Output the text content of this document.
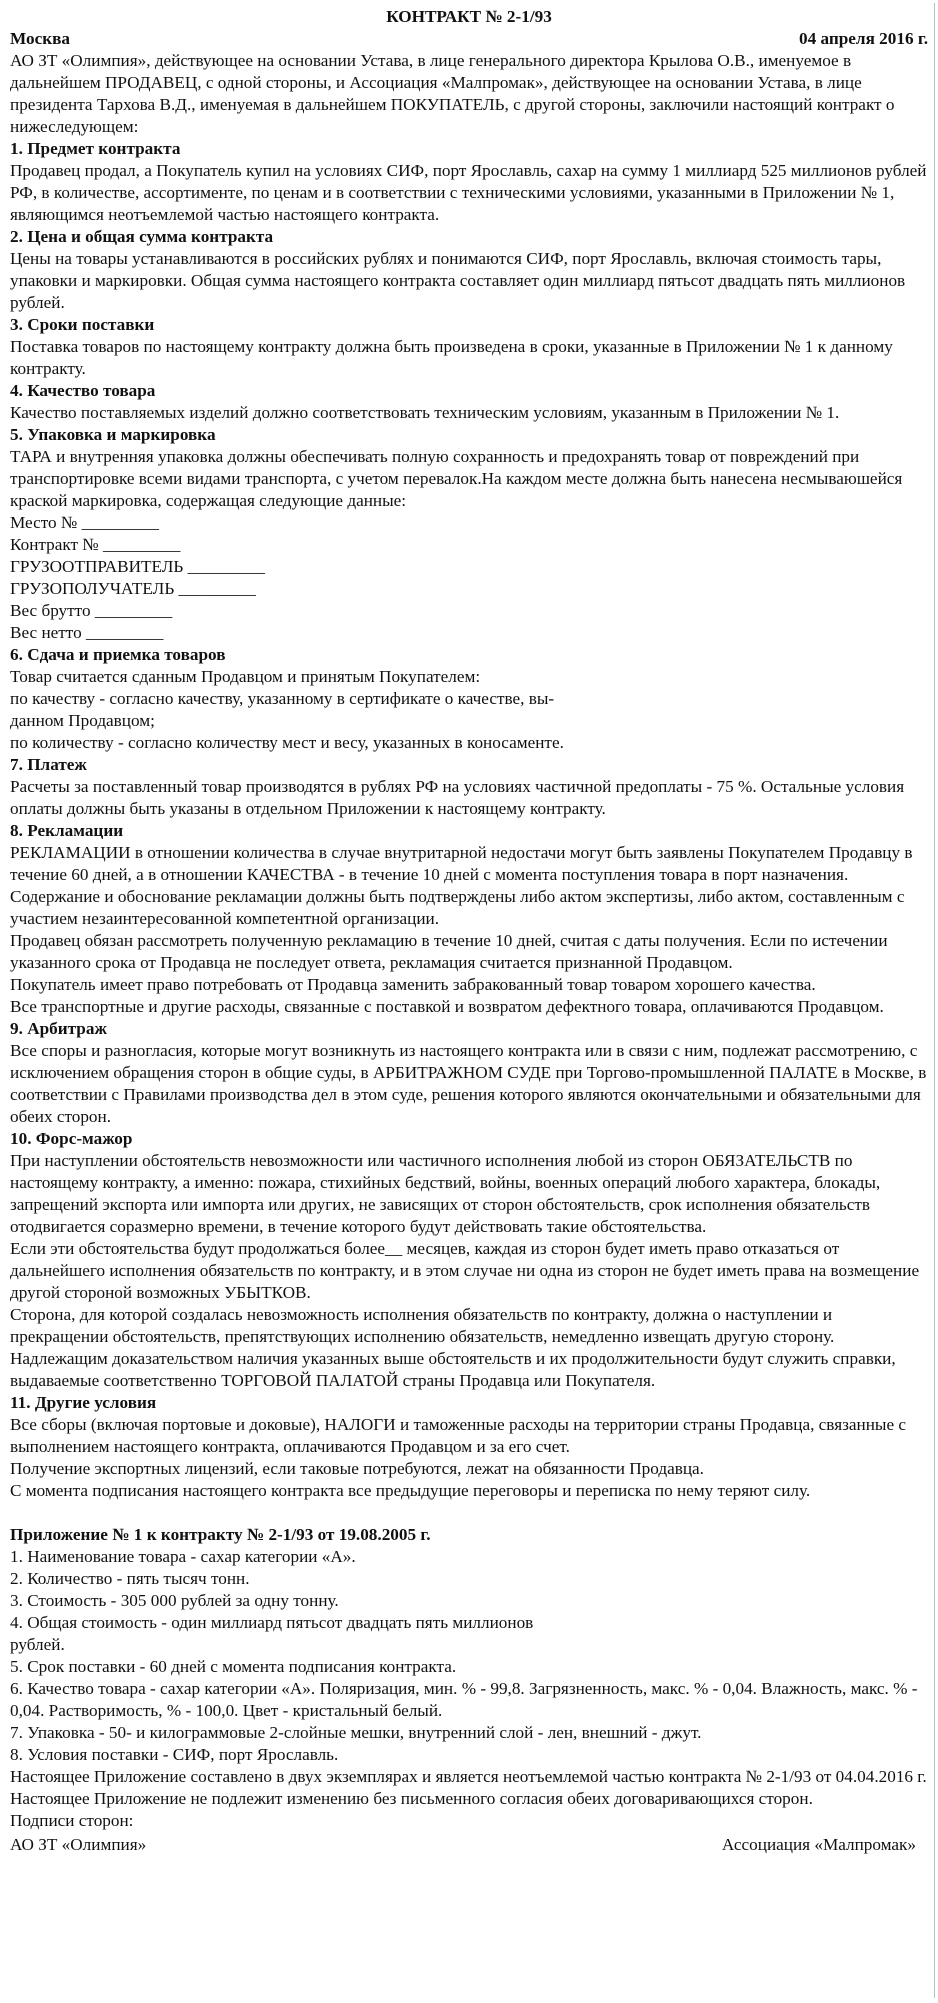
КОНТРАКТ № 2-1/93

Москва	04 апреля 2016 г.

АО ЗТ «Олимпия», действующее на основании Устава, в лице генерального директора Крылова О.В., именуемое в дальнейшем ПРОДАВЕЦ, с одной стороны, и Ассоциация «Малпромак», действующее на основании Устава, в лице президента Тархова В.Д., именуемая в дальнейшем ПОКУПАТЕЛЬ, с другой стороны, заключили настоящий контракт о нижеследующем:

1. Предмет контракта

Продавец продал, а Покупатель купил на условиях СИФ, порт Ярославль, сахар на сумму 1 миллиард 525 миллионов рублей РФ, в количестве, ассортименте, по ценам и в соответствии с техническими условиями, указанными в Приложении № 1, являющимся неотъемлемой частью настоящего контракта.

2. Цена и общая сумма контракта

Цены на товары устанавливаются в российских рублях и понимаются СИФ, порт Ярославль, включая стоимость тары, упаковки и маркировки. Общая сумма настоящего контракта составляет один миллиард пятьсот двадцать пять миллионов рублей.

3. Сроки поставки

Поставка товаров по настоящему контракту должна быть произведена в сроки, указанные в Приложении № 1 к данному контракту.

4. Качество товара

Качество поставляемых изделий должно соответствовать техническим условиям, указанным в Приложении № 1.

5. Упаковка и маркировка

ТАРА и внутренняя упаковка должны обеспечивать полную сохранность и предохранять товар от повреждений при транспортировке всеми видами транспорта, с учетом перевалок.На каждом месте должна быть нанесена несмываюшейся краской маркировка, содержащая следующие данные:

Место № _________

Контракт № _________

ГРУЗООТПРАВИТЕЛЬ _________

ГРУЗОПОЛУЧАТЕЛЬ _________

Вес брутто _________

Вес нетто _________

6. Сдача и приемка товаров

Товар считается сданным Продавцом и принятым Покупателем:

по качеству - согласно качеству, указанному в сертификате о качестве, вы-

данном Продавцом;

по количеству - согласно количеству мест и весу, указанных в коносаменте.

7. Платеж

Расчеты за поставленный товар производятся в рублях РФ на условиях частичной предоплаты - 75 %. Остальные условия оплаты должны быть указаны в отдельном Приложении к настоящему контракту.

8. Рекламации

РЕКЛАМАЦИИ в отношении количества в случае внутритарной недостачи могут быть заявлены Покупателем Продавцу в течение 60 дней, а в отношении КАЧЕСТВА - в течение 10 дней с момента поступления товара в порт назначения. Содержание и обоснование рекламации должны быть подтверждены либо актом экспертизы, либо актом, составленным с участием незаинтересованной компетентной организации.

Продавец обязан рассмотреть полученную рекламацию в течение 10 дней, считая с даты получения. Если по истечении указанного срока от Продавца не последует ответа, рекламация считается признанной Продавцом.

Покупатель имеет право потребовать от Продавца заменить забракованный товар товаром хорошего качества.

Все транспортные и другие расходы, связанные с поставкой и возвратом дефектного товара, оплачиваются Продавцом.

9. Арбитраж

Все споры и разногласия, которые могут возникнуть из настоящего контракта или в связи с ним, подлежат рассмотрению, с исключением обращения сторон в общие суды, в АРБИТРАЖНОМ СУДЕ при Торгово-промышленной ПАЛАТЕ в Москве, в соответствии с Правилами производства дел в этом суде, решения которого являются окончательными и обязательными для обеих сторон.

10. Форс-мажор

При наступлении обстоятельств невозможности или частичного исполнения любой из сторон ОБЯЗАТЕЛЬСТВ по настоящему контракту, а именно: пожара, стихийных бедствий, войны, военных операций любого характера, блокады, запрещений экспорта или импорта или других, не зависящих от сторон обстоятельств, срок исполнения обязательств отодвигается соразмерно времени, в течение которого будут действовать такие обстоятельства.

Если эти обстоятельства будут продолжаться более__ месяцев, каждая из сторон будет иметь право отказаться от дальнейшего исполнения обязательств по контракту, и в этом случае ни одна из сторон не будет иметь права на возмещение другой стороной возможных УБЫТКОВ.

Сторона, для которой создалась невозможность исполнения обязательств по контракту, должна о наступлении и прекращении обстоятельств, препятствующих исполнению обязательств, немедленно извещать другую сторону.

Надлежащим доказательством наличия указанных выше обстоятельств и их продолжительности будут служить справки, выдаваемые соответственно ТОРГОВОЙ ПАЛАТОЙ страны Продавца или Покупателя.

11. Другие условия

Все сборы (включая портовые и доковые), НАЛОГИ и таможенные расходы на территории страны Продавца, связанные с выполнением настоящего контракта, оплачиваются Продавцом и за его счет.

Получение экспортных лицензий, если таковые потребуются, лежат на обязанности Продавца.

С момента подписания настоящего контракта все предыдущие переговоры и переписка по нему теряют силу.

Приложение № 1 к контракту № 2-1/93 от 19.08.2005 г.

1. Наименование товара - сахар категории «А».

2. Количество - пять тысяч тонн.

3. Стоимость - 305 000 рублей за одну тонну.

4. Общая стоимость - один миллиард пятьсот двадцать пять миллионов

рублей.

5. Срок поставки - 60 дней с момента подписания контракта.

6. Качество товара - сахар категории «А». Поляризация, мин. % - 99,8. Загрязненность, макс. % - 0,04. Влажность, макс. % - 0,04. Растворимость, % - 100,0. Цвет - кристальный белый.

7. Упаковка - 50- и килограммовые 2-слойные мешки, внутренний слой - лен, внешний - джут.

8. Условия поставки - СИФ, порт Ярославль.

Настоящее Приложение составлено в двух экземплярах и является неотъемлемой частью контракта № 2-1/93 от 04.04.2016 г.

Настоящее Приложение не подлежит изменению без письменного согласия обеих договаривающихся сторон.

Подписи сторон:

АО ЗТ «Олимпия»	Ассоциация «Малпромак»
